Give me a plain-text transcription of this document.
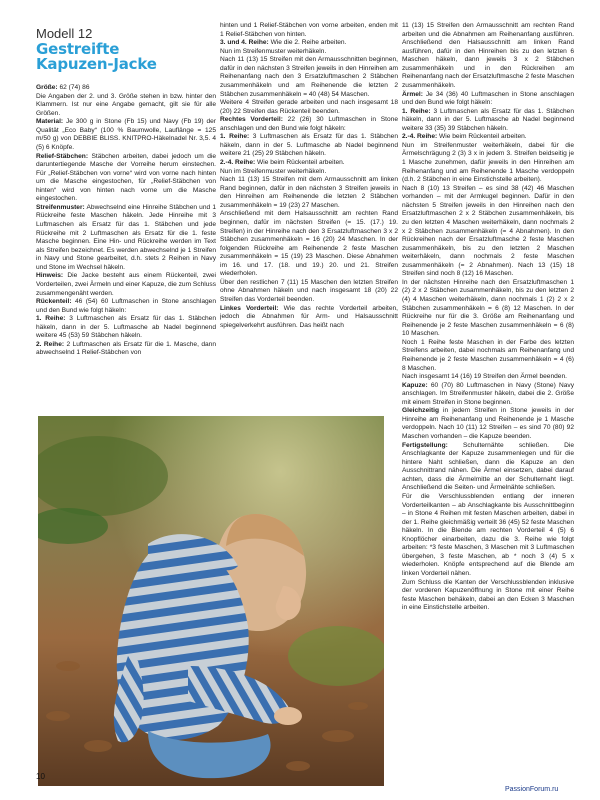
Modell 12
Gestreifte
Kapuzen-Jacke

Größe: 62 (74) 86

Die Angaben der 2. und 3. Größe stehen in bzw. hinter den Klammern. Ist nur eine Angabe gemacht, gilt sie für alle Größen.

Material: Je 300 g in Stone (Fb 15) und Navy (Fb 19) der Qualität „Eco Baby“ (100 % Baumwolle, Lauflänge = 125 m/50 g) von DEBBIE BLISS. KNITPRO-Häkelnadel Nr. 3,5. 4 (5) 6 Knöpfe.

Relief-Stäbchen: Stäbchen arbeiten, dabei jedoch um die daruntertiegende Masche der Vorreihe herum einstechen. Für „Relief-Stäbchen von vorne“ wird von vorne nach hinten um die Masche eingestochen, für „Relief-Stäbchen von hinten“ wird von hinten nach vorne um die Masche eingestochen.

Streifenmuster: Abwechselnd eine Hinreihe Stäbchen und 1 Rückreihe feste Maschen häkeln. Jede Hinreihe mit 3 Luftmaschen als Ersatz für das 1. Stäbchen und jede Rückreihe mit 2 Luftmaschen als Ersatz für die 1. feste Masche beginnen. Eine Hin- und Rückreihe werden im Text als Streifen bezeichnet. Es werden abwechselnd je 1 Streifen in Navy und Stone gearbeitet, d.h. stets 2 Reihen in Navy und Stone im Wechsel häkeln.

Hinweis: Die Jacke besteht aus einem Rückenteil, zwei Vorderteilen, zwei Ärmeln und einer Kapuze, die zum Schluss zusammengenäht werden.

Rückenteil: 46 (54) 60 Luftmaschen in Stone anschlagen und den Bund wie folgt häkeln:

1. Reihe: 3 Luftmaschen als Ersatz für das 1. Stäbchen häkeln, dann in der 5. Luftmasche ab Nadel beginnend weitere 45 (53) 59 Stäbchen häkeln.

2. Reihe: 2 Luftmaschen als Ersatz für die 1. Masche, dann abwechselnd 1 Relief-Stäbchen von

hinten und 1 Relief-Stäbchen von vorne arbeiten, enden mit 1 Relief-Stäbchen von hinten.

3. und 4. Reihe: Wie die 2. Reihe arbeiten.

Nun im Streifenmuster weiterhäkeln.

Nach 11 (13) 15 Streifen mit den Armausschnitten beginnen, dafür in den nächsten 3 Streifen jeweils in den Hinreihen am Reihenanfang nach den 3 Ersatzluftmaschen 2 Stäbchen zusammenhäkeln und am Reihenende die letzten 2 Stäbchen zusammenhäkeln = 40 (48) 54 Maschen.

Weitere 4 Streifen gerade arbeiten und nach insgesamt 18 (20) 22 Streifen das Rückenteil beenden.

Rechtes Vorderteil: 22 (26) 30 Luftmaschen in Stone anschlagen und den Bund wie folgt häkeln:

1. Reihe: 3 Luftmaschen als Ersatz für das 1. Stäbchen häkeln, dann in der 5. Luftmasche ab Nadel beginnend weitere 21 (25) 29 Stäbchen häkeln.

2.-4. Reihe: Wie beim Rückenteil arbeiten.

Nun im Streifenmuster weiterhäkeln.

Nach 11 (13) 15 Streifen mit dem Armausschnitt am linken Rand beginnen, dafür in den nächsten 3 Streifen jeweils in den Hinreihen am Reihenende die letzten 2 Stäbchen zusammenhäkeln = 19 (23) 27 Maschen.

Anschließend mit dem Halsausschnitt am rechten Rand beginnen, dafür im nächsten Streifen (= 15. (17.) 19. Streifen) in der Hinreihe nach den 3 Ersatzluftmaschen 3 x 2 Stäbchen zusammenhäkeln = 16 (20) 24 Maschen. In der folgenden Rückreihe am Reihenende 2 feste Maschen zusammenhäkeln = 15 (19) 23 Maschen. Diese Abnahmen im 16. und 17. (18. und 19.) 20. und 21. Streifen wiederholen.

Über den restlichen 7 (11) 15 Maschen den letzten Streifen ohne Abnahmen häkeln und nach insgesamt 18 (20) 22 Streifen das Vorderteil beenden.

Linkes Vorderteil: Wie das rechte Vorderteil arbeiten, jedoch die Abnahmen für Arm- und Halsausschnitt spiegelverkehrt ausführen. Das heißt nach

11 (13) 15 Streifen den Armausschnitt am rechten Rand arbeiten und die Abnahmen am Reihenanfang ausführen. Anschließend den Halsausschnitt am linken Rand ausführen, dafür in den Hinreihen bis zu den letzten 6 Maschen häkeln, dann jeweils 3 x 2 Stäbchen zusammenhäkeln und in den Rückreihen am Reihenanfang nach der Ersatzluftmasche 2 feste Maschen zusammenhäkeln.

Ärmel: Je 34 (36) 40 Luftmaschen in Stone anschlagen und den Bund wie folgt häkeln:

1. Reihe: 3 Luftmaschen als Ersatz für das 1. Stäbchen häkeln, dann in der 5. Luftmasche ab Nadel beginnend weitere 33 (35) 39 Stäbchen häkeln.

2.-4. Reihe: Wie beim Rückenteil arbeiten.

Nun im Streifenmuster weiterhäkeln, dabei für die Ärmelschrägung 2 (3) 3 x in jedem 3. Streifen beidseitig je 1 Masche zunehmen, dafür jeweils in den Hinreihen am Reihenanfang und am Reihenende 1 Masche verdoppeln (d.h. 2 Stäbchen in eine Einstichstelle arbeiten).

Nach 8 (10) 13 Streifen – es sind 38 (42) 46 Maschen vorhanden – mit der Armkugel beginnen. Dafür in den nächsten 5 Streifen jeweils in den Hinreihen nach den Ersatzluftmaschen 2 x 2 Stäbchen zusammenhäkeln, bis zu den letzten 4 Maschen weiterhäkeln, dann nochmals 2 x 2 Stäbchen zusammenhäkeln (= 4 Abnahmen). In den Rückreihen nach der Ersatzluftmasche 2 feste Maschen zusammenhäkeln, bis zu den letzten 2 Maschen weiterhäkeln, dann nochmals 2 feste Maschen zusammenhäkeln (= 2 Abnahmen). Nach 13 (15) 18 Streifen sind noch 8 (12) 16 Maschen.

In der nächsten Hinreihe nach den Ersatzluftmaschen 1 (2) 2 x 2 Stäbchen zusammenhäkeln, bis zu den letzten 2 (4) 4 Maschen weiterhäkeln, dann nochmals 1 (2) 2 x 2 Stäbchen zusammenhäkeln = 6 (8) 12 Maschen. In der Rückreihe nur für die 3. Größe am Reihenanfang und Reihenende je 2 feste Maschen zusammenhäkeln = 6 (8) 10 Maschen.

Noch 1 Reihe feste Maschen in der Farbe des letzten Streifens arbeiten, dabei nochmals am Reihenanfang und Reihenende je 2 feste Maschen zusammenhäkeln = 4 (6) 8 Maschen.

Nach insgesamt 14 (16) 19 Streifen den Ärmel beenden.

Kapuze: 60 (70) 80 Luftmaschen in Navy (Stone) Navy anschlagen. Im Streifenmuster häkeln, dabei die 2. Größe mit einem Streifen in Stone beginnen.

Gleichzeitig in jedem Streifen in Stone jeweils in der Hinreihe am Reihenanfang und Reihenende je 1 Masche verdoppeln. Nach 10 (11) 12 Streifen – es sind 70 (80) 92 Maschen vorhanden – die Kapuze beenden.

Fertigstellung: Schulternähte schließen. Die Anschlagkante der Kapuze zusammenlegen und für die hintere Naht schließen, dann die Kapuze an den Ausschnittrand nähen. Die Ärmel einsetzen, dabei darauf achten, dass die Ärmelmitte an der Schulternaht liegt. Anschließend die Seiten- und Ärmelnähte schließen.

Für die Verschlussblenden entlang der inneren Vorderteilkanten – ab Anschlagkante bis Ausschnittbeginn – in Stone 4 Reihen mit festen Maschen arbeiten, dabei in der 1. Reihe gleichmäßig verteilt 36 (45) 52 feste Maschen häkeln. In die Blende am rechten Vorderteil 4 (5) 6 Knopflöcher einarbeiten, dazu die 3. Reihe wie folgt arbeiten: *3 feste Maschen, 3 Maschen mit 3 Luftmaschen übergehen, 3 feste Maschen, ab * noch 3 (4) 5 x wiederholen. Knöpfe entsprechend auf die Blende am linken Vorderteil nähen.

Zum Schluss die Kanten der Verschlussblenden inklusive der vorderen Kapuzenöffnung in Stone mit einer Reihe feste Maschen behäkeln, dabei an den Ecken 3 Maschen in eine Einstichstelle arbeiten.

10
PassionForum.ru
